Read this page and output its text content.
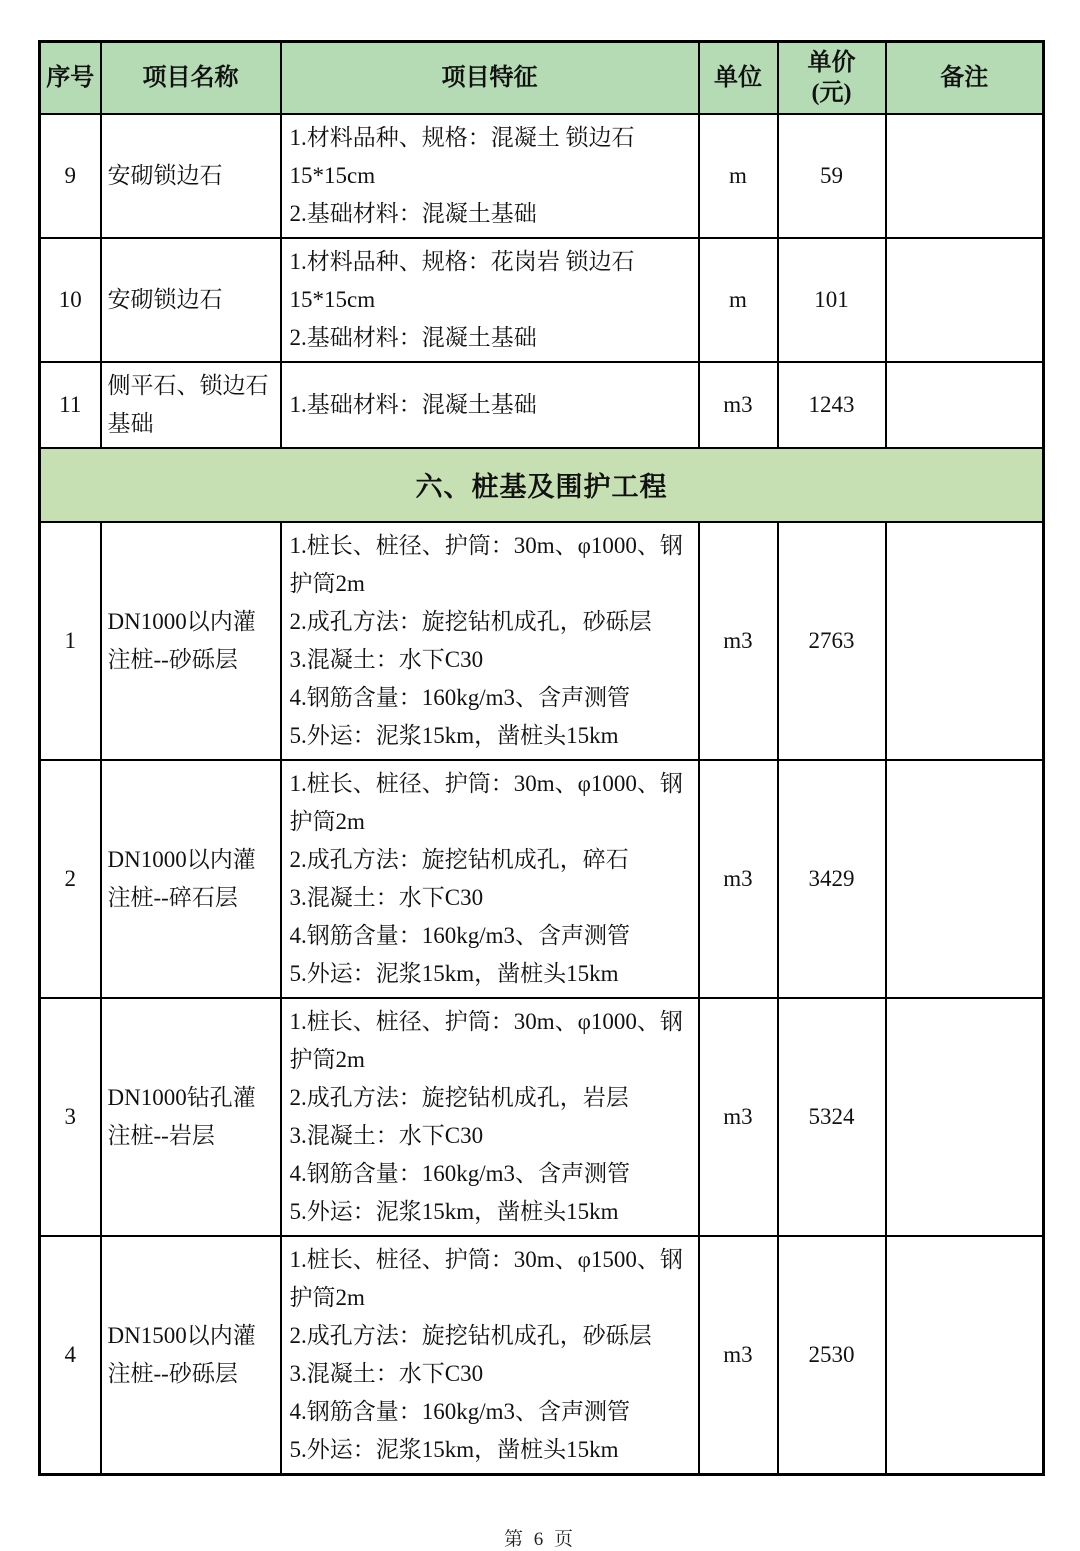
序号	项目名称	项目特征	单位	单价
(元)	备注
9	安砌锁边石	1.材料品种、规格：混凝土 锁边石 15*15cm
2.基础材料：混凝土基础	m	59	
10	安砌锁边石	1.材料品种、规格：花岗岩 锁边石 15*15cm
2.基础材料：混凝土基础	m	101	
11	侧平石、锁边石基础	1.基础材料：混凝土基础	m3	1243	
六、桩基及围护工程					
1	DN1000以内灌注桩--砂砾层	1.桩长、桩径、护筒：30m、φ1000、钢护筒2m
2.成孔方法：旋挖钻机成孔，砂砾层
3.混凝土：水下C30
4.钢筋含量：160kg/m3、含声测管
5.外运：泥浆15km，凿桩头15km	m3	2763	
2	DN1000以内灌注桩--碎石层	1.桩长、桩径、护筒：30m、φ1000、钢护筒2m
2.成孔方法：旋挖钻机成孔，碎石
3.混凝土：水下C30
4.钢筋含量：160kg/m3、含声测管
5.外运：泥浆15km，凿桩头15km	m3	3429	
3	DN1000钻孔灌注桩--岩层	1.桩长、桩径、护筒：30m、φ1000、钢护筒2m
2.成孔方法：旋挖钻机成孔，岩层
3.混凝土：水下C30
4.钢筋含量：160kg/m3、含声测管
5.外运：泥浆15km，凿桩头15km	m3	5324	
4	DN1500以内灌注桩--砂砾层	1.桩长、桩径、护筒：30m、φ1500、钢护筒2m
2.成孔方法：旋挖钻机成孔，砂砾层
3.混凝土：水下C30
4.钢筋含量：160kg/m3、含声测管
5.外运：泥浆15km，凿桩头15km	m3	2530	
第 6 页
